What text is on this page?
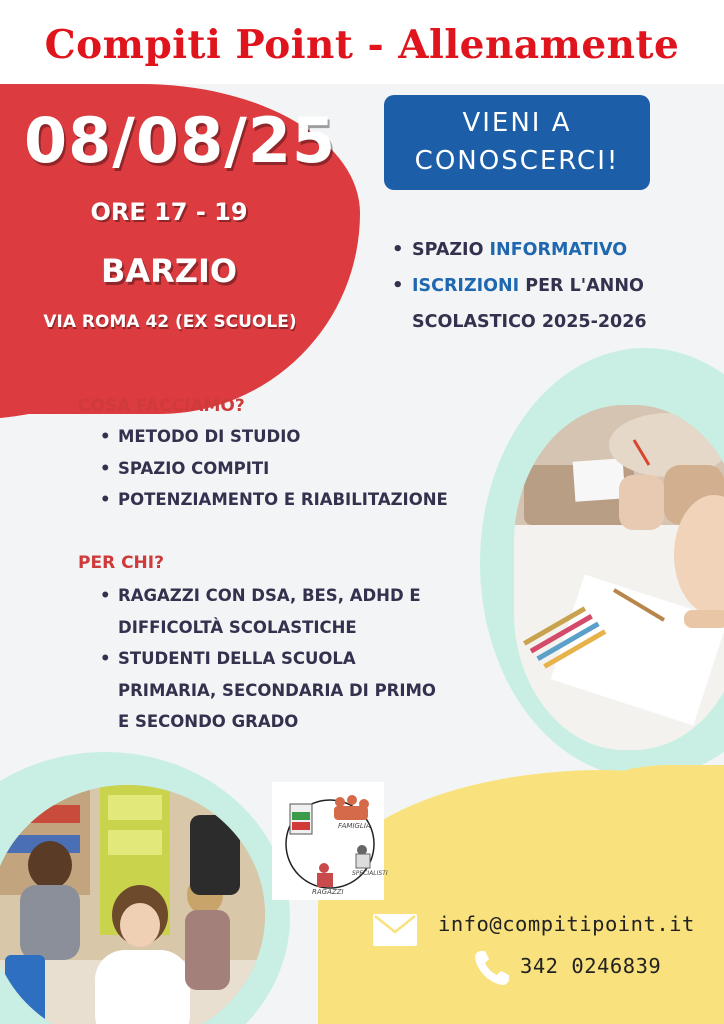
Compiti Point - Allenamente
08/08/25
ORE 17 - 19
BARZIO
VIA ROMA 42 (EX SCUOLE)
VIENI A
CONOSCERCI!
• SPAZIO INFORMATIVO
• ISCRIZIONI PER L'ANNO SCOLASTICO 2025-2026
COSA FACCIAMO?
• METODO DI STUDIO
• SPAZIO COMPITI
• POTENZIAMENTO E RIABILITAZIONE
PER CHI?
• RAGAZZI CON DSA, BES, ADHD E DIFFICOLTÀ SCOLASTICHE
• STUDENTI DELLA SCUOLA PRIMARIA, SECONDARIA DI PRIMO E SECONDO GRADO
FAMIGLIA
SPECIALISTI
RAGAZZI
info@compitipoint.it
342 0246839
